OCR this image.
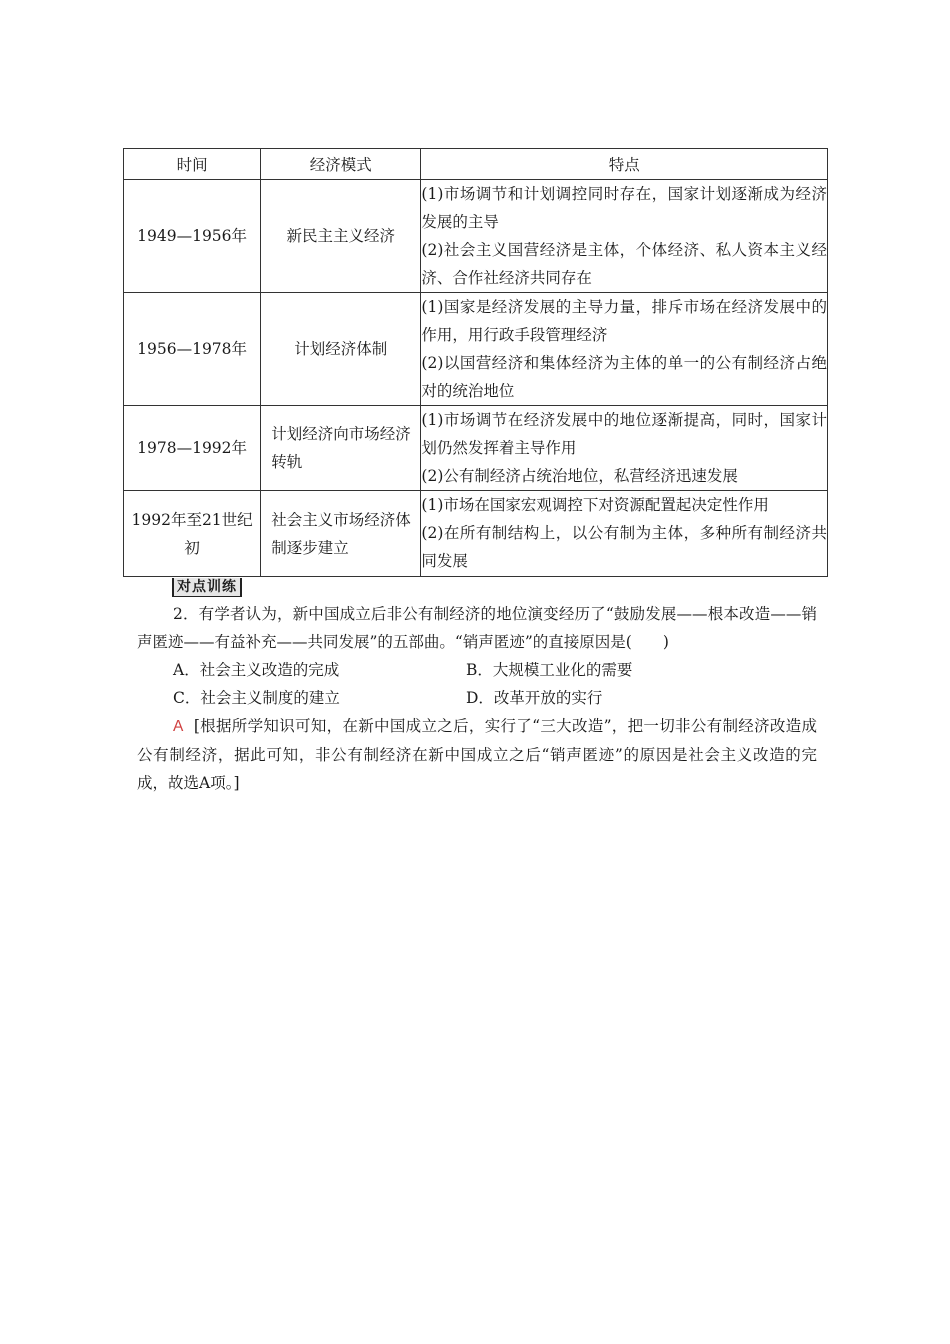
时间	经济模式	特点
1949—1956年	新民主主义经济	(1)市场调节和计划调控同时存在，国家计划逐渐成为经济发展的主导
(2)社会主义国营经济是主体，个体经济、私人资本主义经济、合作社经济共同存在

1956—1978年	计划经济体制	(1)国家是经济发展的主导力量，排斥市场在经济发展中的作用，用行政手段管理经济
(2)以国营经济和集体经济为主体的单一的公有制经济占绝对的统治地位

1978—1992年	计划经济向市场经济转轨	(1)市场调节在经济发展中的地位逐渐提高，同时，国家计划仍然发挥着主导作用
(2)公有制经济占统治地位，私营经济迅速发展

1992年至21世纪初	社会主义市场经济体制逐步建立	(1)市场在国家宏观调控下对资源配置起决定性作用
(2)在所有制结构上，以公有制为主体，多种所有制经济共同发展
对点训练

2．有学者认为，新中国成立后非公有制经济的地位演变经历了“鼓励发展——根本改造——销声匿迹——有益补充——共同发展”的五部曲。“销声匿迹”的直接原因是(　　)

A．社会主义改造的完成	B．大规模工业化的需要
C．社会主义制度的建立	D．改革开放的实行

A [根据所学知识可知，在新中国成立之后，实行了“三大改造”，把一切非公有制经济改造成公有制经济，据此可知，非公有制经济在新中国成立之后“销声匿迹”的原因是社会主义改造的完成，故选A项。]
